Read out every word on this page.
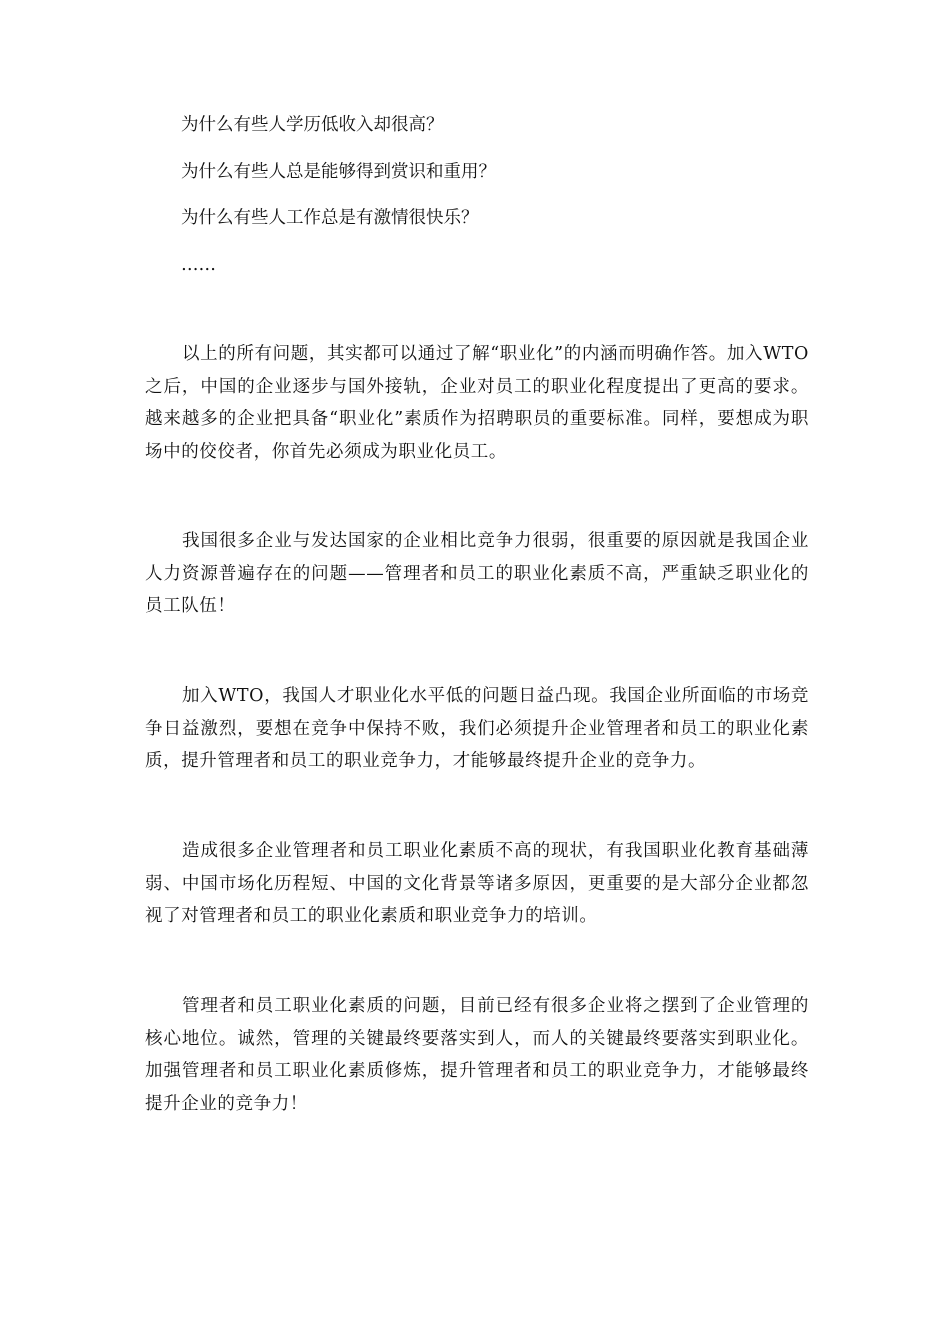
为什么有些人学历低收入却很高？
为什么有些人总是能够得到赏识和重用？
为什么有些人工作总是有激情很快乐？
……

以上的所有问题，其实都可以通过了解“职业化”的内涵而明确作答。加入WTO之后，中国的企业逐步与国外接轨，企业对员工的职业化程度提出了更高的要求。越来越多的企业把具备“职业化”素质作为招聘职员的重要标准。同样，要想成为职场中的佼佼者，你首先必须成为职业化员工。

我国很多企业与发达国家的企业相比竞争力很弱，很重要的原因就是我国企业人力资源普遍存在的问题——管理者和员工的职业化素质不高，严重缺乏职业化的员工队伍！

加入WTO，我国人才职业化水平低的问题日益凸现。我国企业所面临的市场竞争日益激烈，要想在竞争中保持不败，我们必须提升企业管理者和员工的职业化素质，提升管理者和员工的职业竞争力，才能够最终提升企业的竞争力。

造成很多企业管理者和员工职业化素质不高的现状，有我国职业化教育基础薄弱、中国市场化历程短、中国的文化背景等诸多原因，更重要的是大部分企业都忽视了对管理者和员工的职业化素质和职业竞争力的培训。

管理者和员工职业化素质的问题，目前已经有很多企业将之摆到了企业管理的核心地位。诚然，管理的关键最终要落实到人，而人的关键最终要落实到职业化。加强管理者和员工职业化素质修炼，提升管理者和员工的职业竞争力，才能够最终提升企业的竞争力！
